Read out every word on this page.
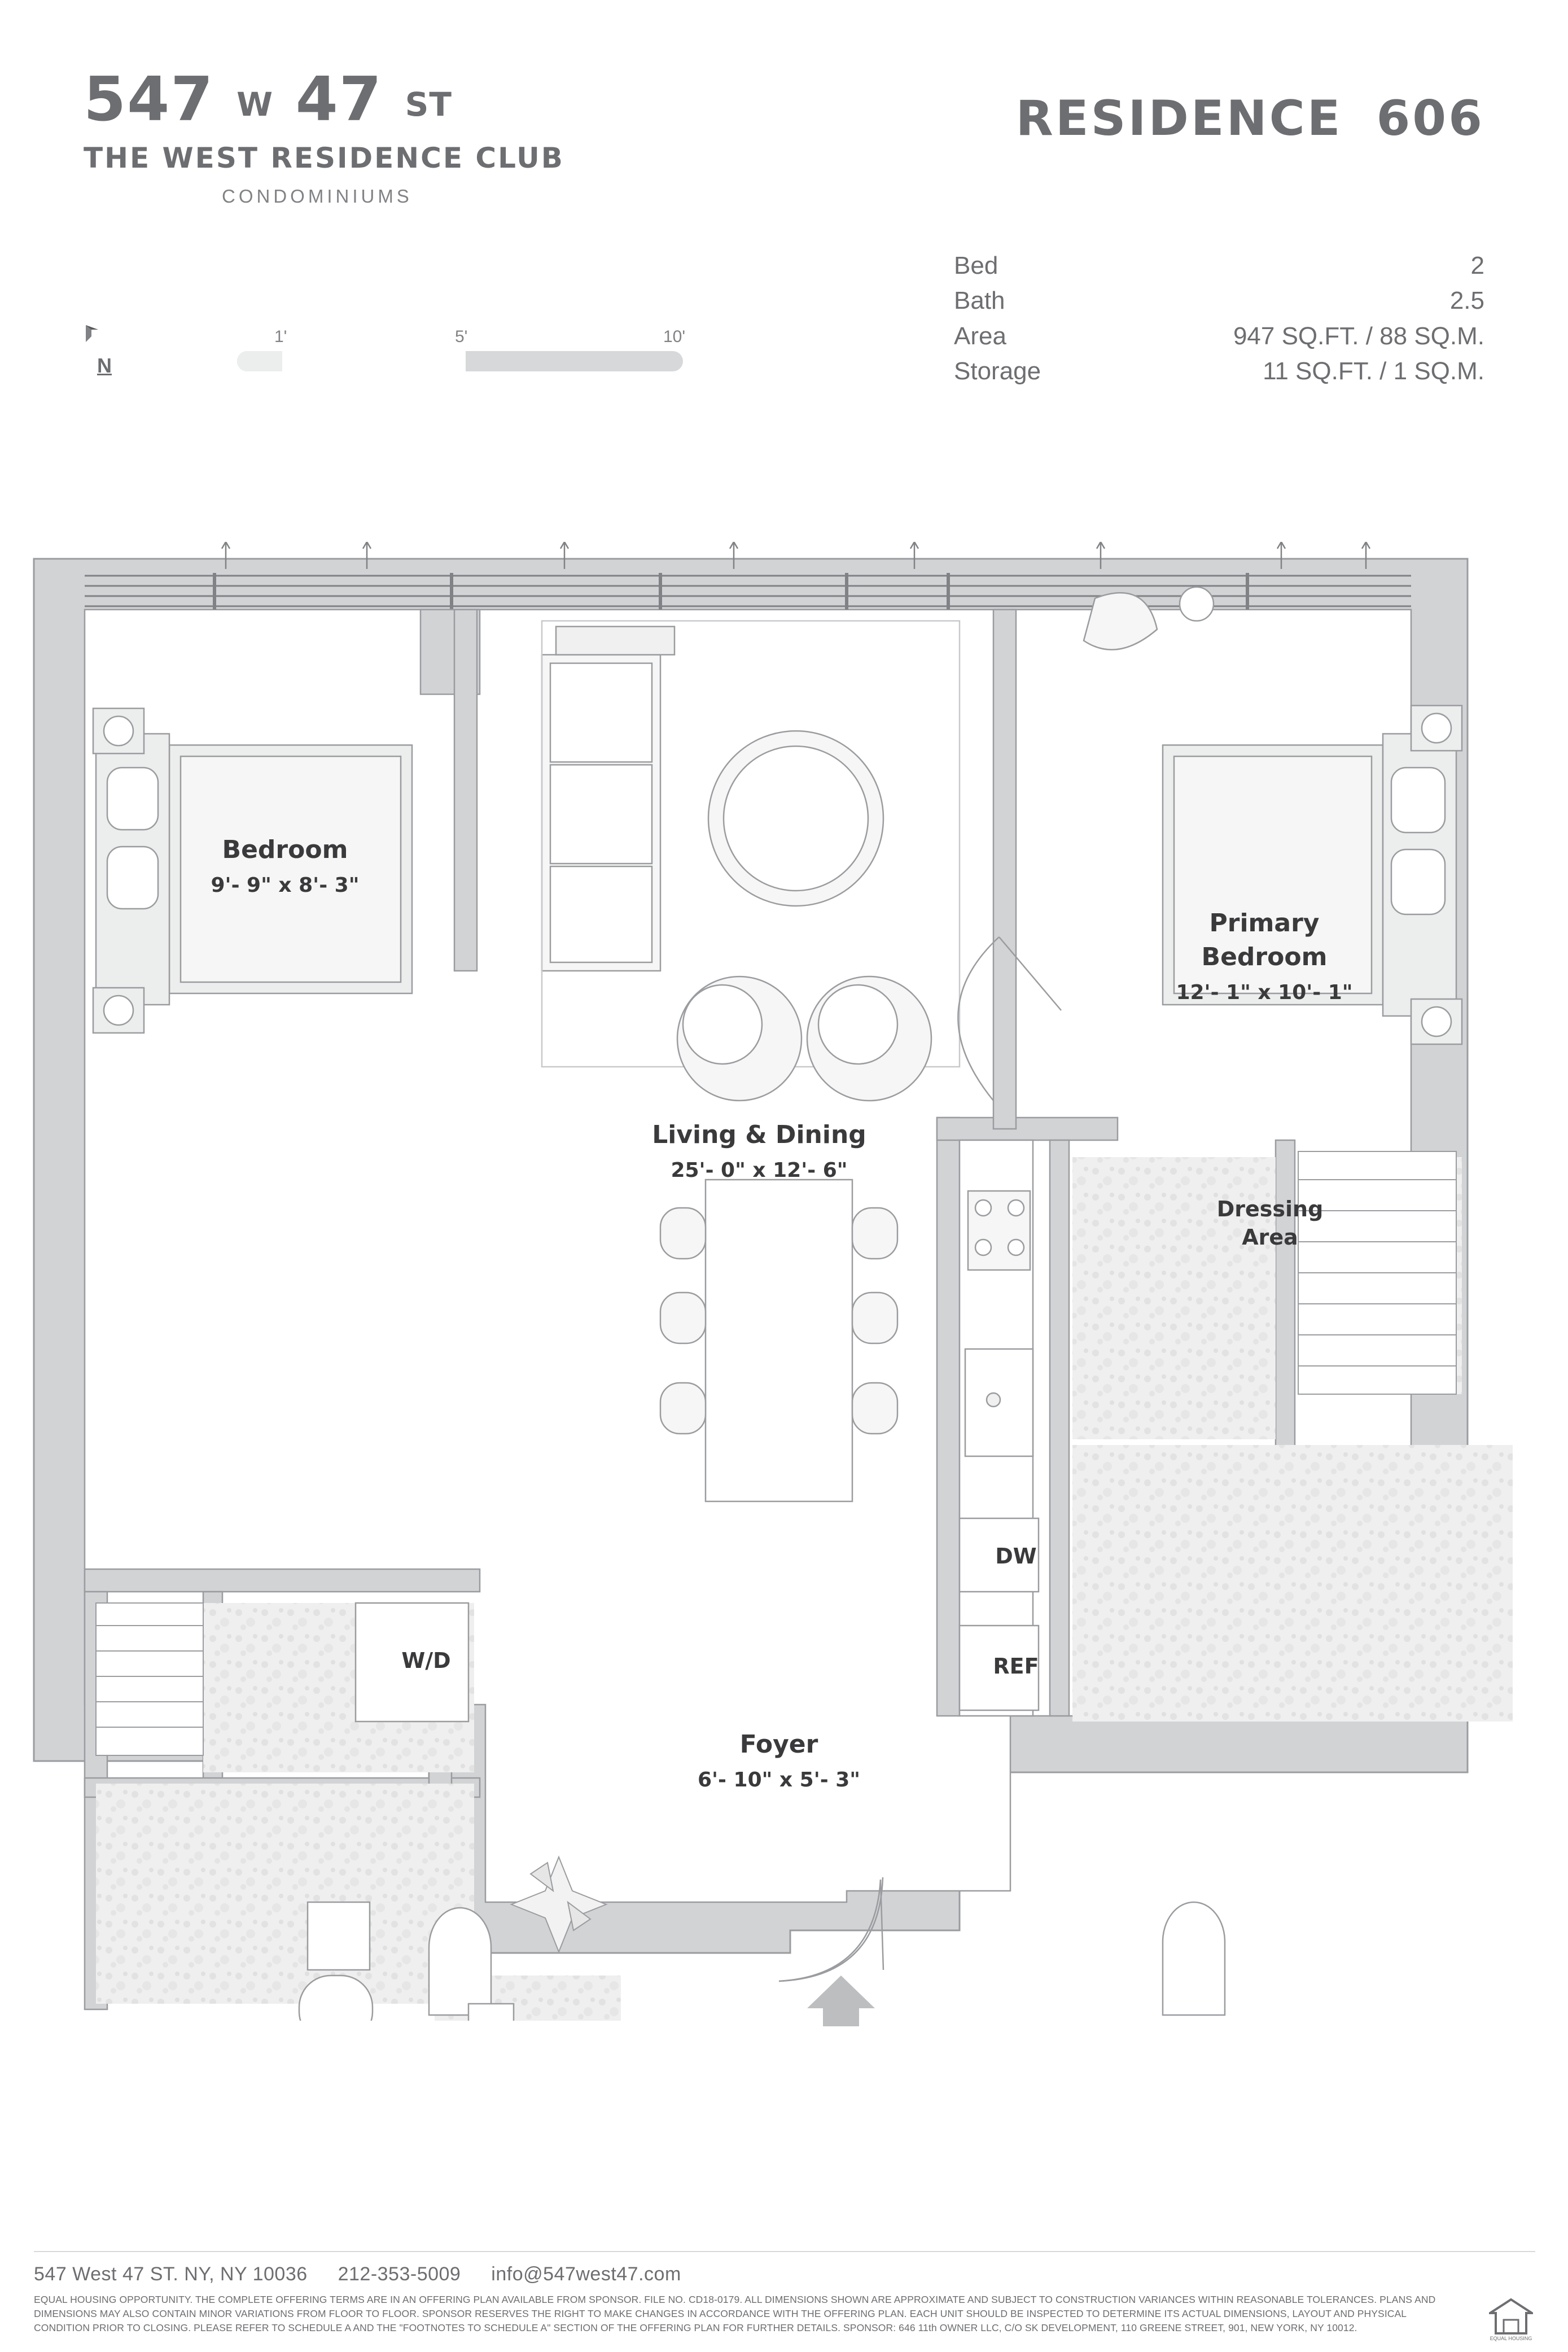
547 W 47 ST
THE WEST RESIDENCE CLUB
CONDOMINIUMS
N
1'	5'	10'
RESIDENCE 606
Bed	2
Bath	2.5
Area	947 SQ.FT. / 88 SQ.M.
Storage	11 SQ.FT. / 1 SQ.M.
Bedroom
9'- 9" x 8'- 3"
Primary
Bedroom
12'- 1" x 10'- 1"
Living & Dining
25'- 0" x 12'- 6"
Foyer
6'- 10" x 5'- 3"
Dressing
Area
W/D
DW
REF
547 West 47 ST. NY, NY 10036 212-353-5009 info@547west47.com
EQUAL HOUSING OPPORTUNITY. THE COMPLETE OFFERING TERMS ARE IN AN OFFERING PLAN AVAILABLE FROM SPONSOR. FILE NO. CD18-0179. ALL DIMENSIONS SHOWN ARE APPROXIMATE AND SUBJECT TO CONSTRUCTION VARIANCES WITHIN REASONABLE TOLERANCES. PLANS AND DIMENSIONS MAY ALSO CONTAIN MINOR VARIATIONS FROM FLOOR TO FLOOR. SPONSOR RESERVES THE RIGHT TO MAKE CHANGES IN ACCORDANCE WITH THE OFFERING PLAN. EACH UNIT SHOULD BE INSPECTED TO DETERMINE ITS ACTUAL DIMENSIONS, LAYOUT AND PHYSICAL CONDITION PRIOR TO CLOSING. PLEASE REFER TO SCHEDULE A AND THE "FOOTNOTES TO SCHEDULE A" SECTION OF THE OFFERING PLAN FOR FURTHER DETAILS. SPONSOR: 646 11th OWNER LLC, C/O SK DEVELOPMENT, 110 GREENE STREET, 901, NEW YORK, NY 10012.
EQUAL HOUSING
